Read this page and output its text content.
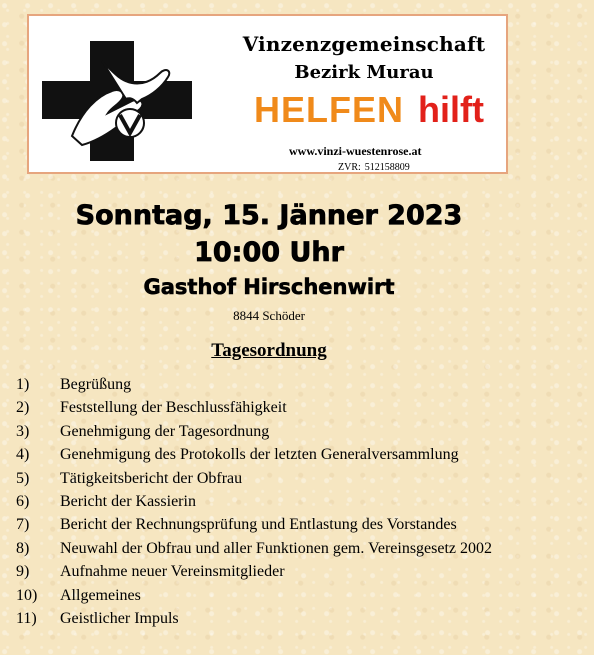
Vinzenzgemeinschaft
Bezirk Murau
HELFEN hilft
www.vinzi-wuestenrose.at
ZVR: 512158809
Sonntag, 15. Jänner 2023
10:00 Uhr
Gasthof Hirschenwirt
8844 Schöder
Tagesordnung
1) Begrüßung
2) Feststellung der Beschlussfähigkeit
3) Genehmigung der Tagesordnung
4) Genehmigung des Protokolls der letzten Generalversammlung
5) Tätigkeitsbericht der Obfrau
6) Bericht der Kassierin
7) Bericht der Rechnungsprüfung und Entlastung des Vorstandes
8) Neuwahl der Obfrau und aller Funktionen gem. Vereinsgesetz 2002
9) Aufnahme neuer Vereinsmitglieder
10) Allgemeines
11) Geistlicher Impuls
